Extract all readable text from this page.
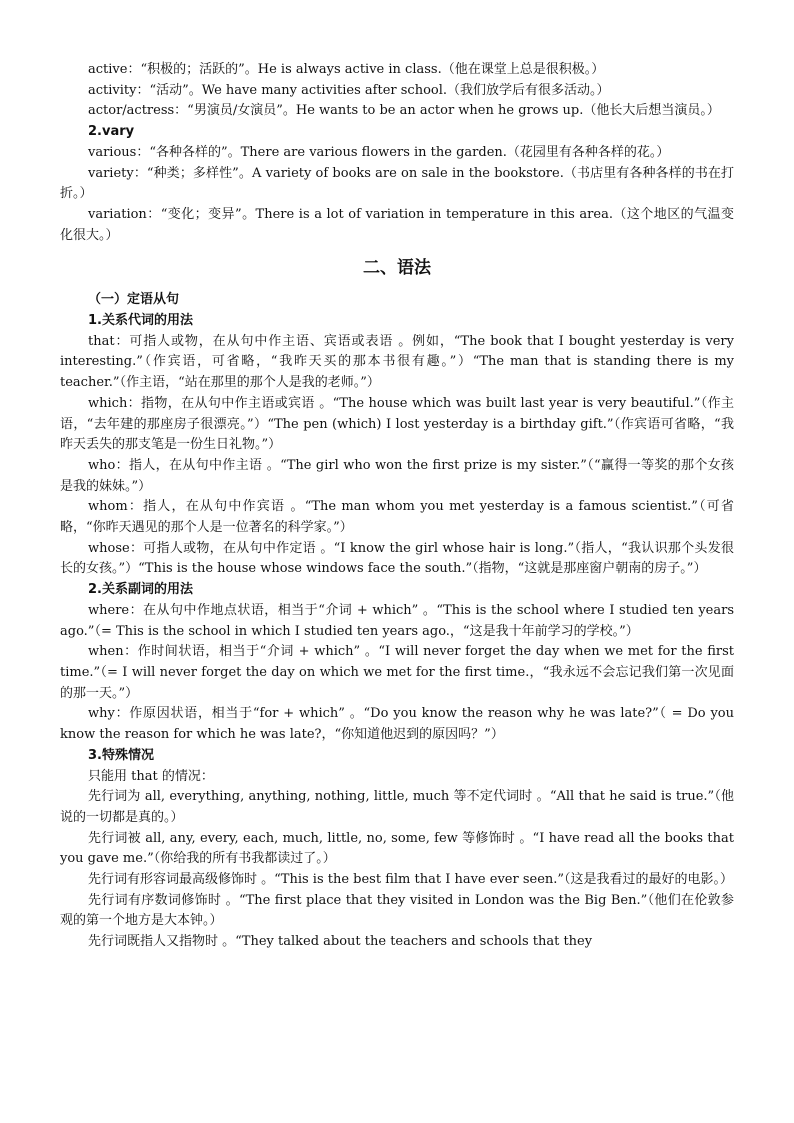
active：“积极的；活跃的”。He is always active in class.（他在课堂上总是很积极。）

activity：“活动”。We have many activities after school.（我们放学后有很多活动。）

actor/actress：“男演员/女演员”。He wants to be an actor when he grows up.（他长大后想当演员。）

2.vary

various：“各种各样的”。There are various flowers in the garden.（花园里有各种各样的花。）

variety：“种类；多样性”。A variety of books are on sale in the bookstore.（书店里有各种各样的书在打折。）

variation：“变化；变异”。There is a lot of variation in temperature in this area.（这个地区的气温变化很大。）

二、语法

（一）定语从句

1.关系代词的用法

that：可指人或物，在从句中作主语、宾语或表语 。例如，“The book that I bought yesterday is very interesting.”（作宾语，可省略，“我昨天买的那本书很有趣。”）“The man that is standing there is my teacher.”（作主语，“站在那里的那个人是我的老师。”）

which：指物，在从句中作主语或宾语 。“The house which was built last year is very beautiful.”（作主语，“去年建的那座房子很漂亮。”）“The pen (which) I lost yesterday is a birthday gift.”（作宾语可省略，“我昨天丢失的那支笔是一份生日礼物。”）

who：指人，在从句中作主语 。“The girl who won the first prize is my sister.”（“赢得一等奖的那个女孩是我的妹妹。”）

whom：指人，在从句中作宾语 。“The man whom you met yesterday is a famous scientist.”（可省略，“你昨天遇见的那个人是一位著名的科学家。”）

whose：可指人或物，在从句中作定语 。“I know the girl whose hair is long.”（指人，“我认识那个头发很长的女孩。”）“This is the house whose windows face the south.”（指物，“这就是那座窗户朝南的房子。”）

2.关系副词的用法

where：在从句中作地点状语，相当于“介词 + which” 。“This is the school where I studied ten years ago.”（= This is the school in which I studied ten years ago.，“这是我十年前学习的学校。”）

when：作时间状语，相当于“介词 + which” 。“I will never forget the day when we met for the first time.”（= I will never forget the day on which we met for the first time.，“我永远不会忘记我们第一次见面的那一天。”）

why：作原因状语，相当于“for + which” 。“Do you know the reason why he was late?”（ = Do you know the reason for which he was late?，“你知道他迟到的原因吗？”）

3.特殊情况

只能用 that 的情况：

先行词为 all, everything, anything, nothing, little, much 等不定代词时 。“All that he said is true.”（他说的一切都是真的。）

先行词被 all, any, every, each, much, little, no, some, few 等修饰时 。“I have read all the books that you gave me.”（你给我的所有书我都读过了。）

先行词有形容词最高级修饰时 。“This is the best film that I have ever seen.”（这是我看过的最好的电影。）

先行词有序数词修饰时 。“The first place that they visited in London was the Big Ben.”（他们在伦敦参观的第一个地方是大本钟。）

先行词既指人又指物时 。“They talked about the teachers and schools that they
